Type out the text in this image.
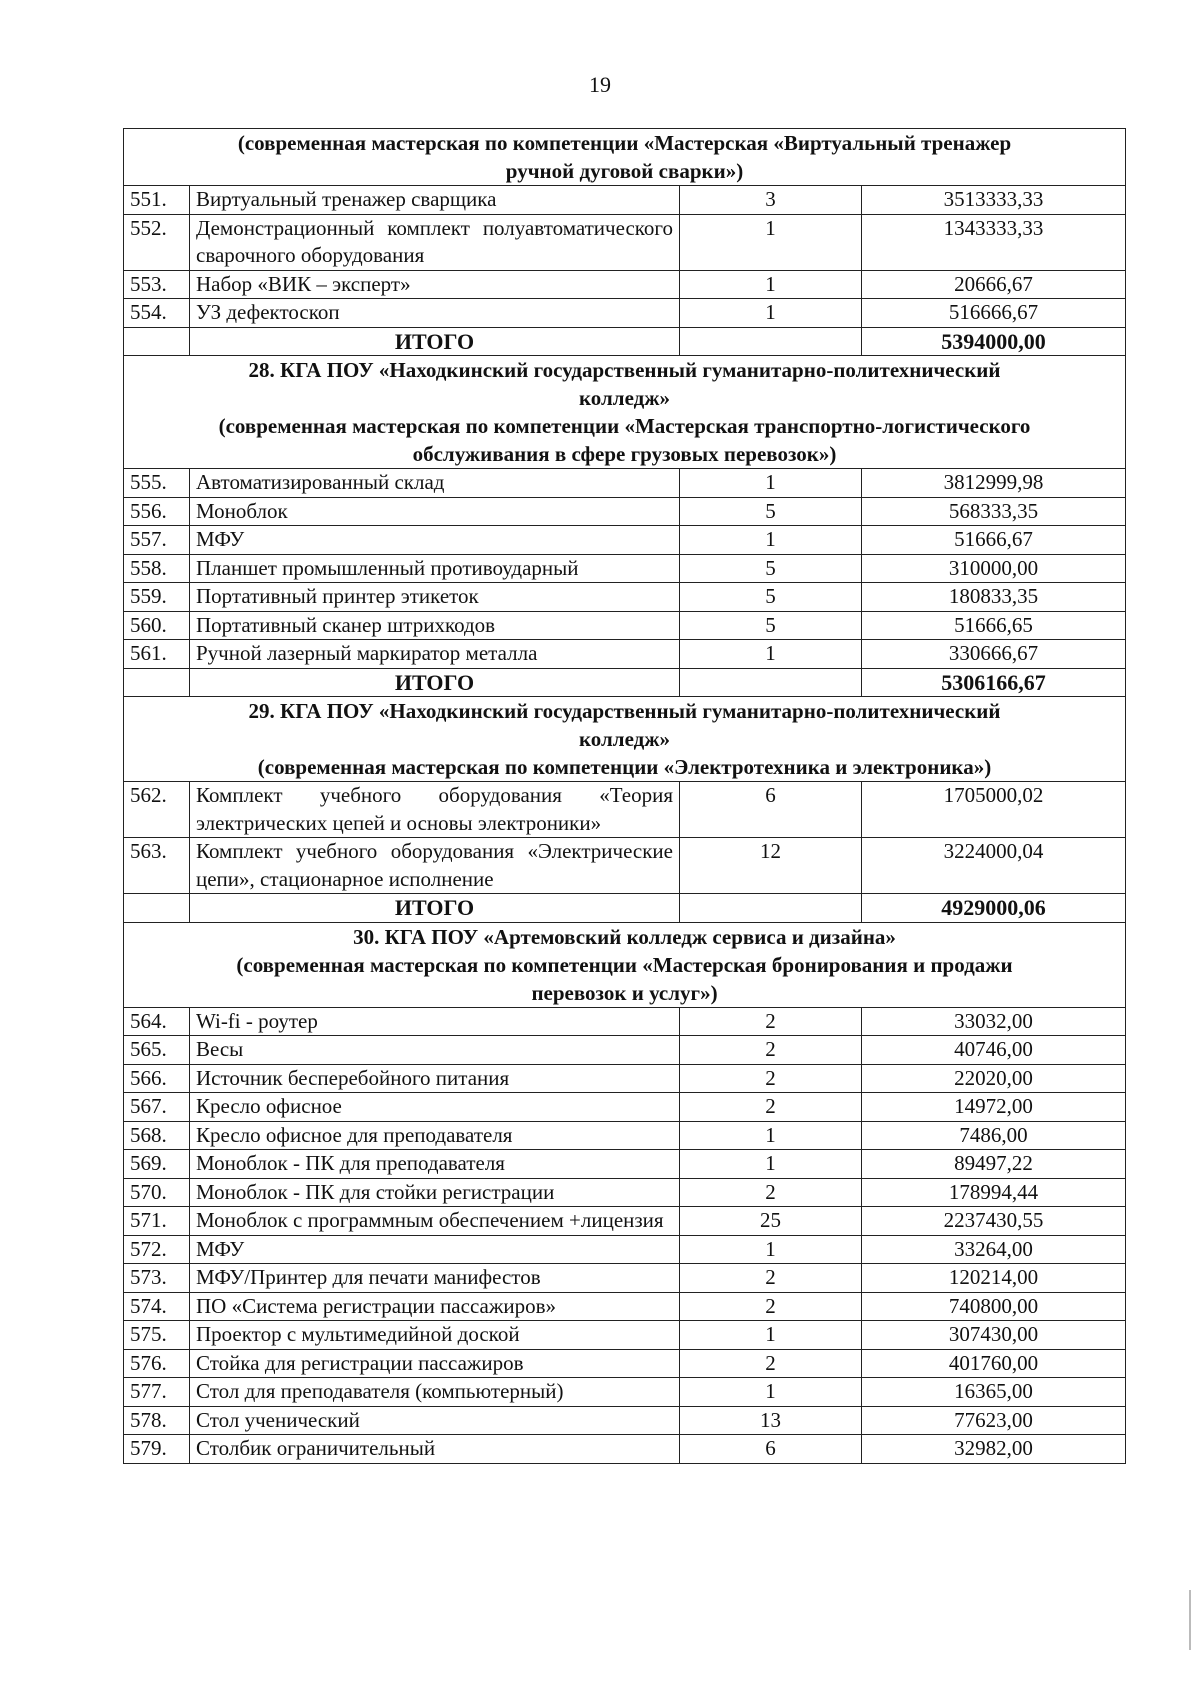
19
(современная мастерская по компетенции «Мастерская «Виртуальный тренажер
ручной дуговой сварки»)			

551.	Виртуальный тренажер сварщика	3	3513333,33
552.	Демонстрационный комплект полуавтоматического сварочного оборудования	1	1343333,33
553.	Набор «ВИК – эксперт»	1	20666,67
554.	УЗ дефектоскоп	1	516666,67
	ИТОГО		5394000,00

28. КГА ПОУ «Находкинский государственный гуманитарно-политехнический
колледж»
(современная мастерская по компетенции «Мастерская транспортно-логистического
обслуживания в сфере грузовых перевозок»)			

555.	Автоматизированный склад	1	3812999,98
556.	Моноблок	5	568333,35
557.	МФУ	1	51666,67
558.	Планшет промышленный противоударный	5	310000,00
559.	Портативный принтер этикеток	5	180833,35
560.	Портативный сканер штрихкодов	5	51666,65
561.	Ручной лазерный маркиратор металла	1	330666,67
	ИТОГО		5306166,67

29. КГА ПОУ «Находкинский государственный гуманитарно-политехнический
колледж»
(современная мастерская по компетенции «Электротехника и электроника»)			

562.	Комплект учебного оборудования «Теория электрических цепей и основы электроники»	6	1705000,02
563.	Комплект учебного оборудования «Электрические цепи», стационарное исполнение	12	3224000,04
	ИТОГО		4929000,06

30. КГА ПОУ «Артемовский колледж сервиса и дизайна»
(современная мастерская по компетенции «Мастерская бронирования и продажи
перевозок и услуг»)			

564.	Wi-fi - роутер	2	33032,00
565.	Весы	2	40746,00
566.	Источник бесперебойного питания	2	22020,00
567.	Кресло офисное	2	14972,00
568.	Кресло офисное для преподавателя	1	7486,00
569.	Моноблок - ПК для преподавателя	1	89497,22
570.	Моноблок - ПК для стойки регистрации	2	178994,44
571.	Моноблок с программным обеспечением +лицензия	25	2237430,55
572.	МФУ	1	33264,00
573.	МФУ/Принтер для печати манифестов	2	120214,00
574.	ПО «Система регистрации пассажиров»	2	740800,00
575.	Проектор с мультимедийной доской	1	307430,00
576.	Стойка для регистрации пассажиров	2	401760,00
577.	Стол для преподавателя (компьютерный)	1	16365,00
578.	Стол ученический	13	77623,00
579.	Столбик ограничительный	6	32982,00
